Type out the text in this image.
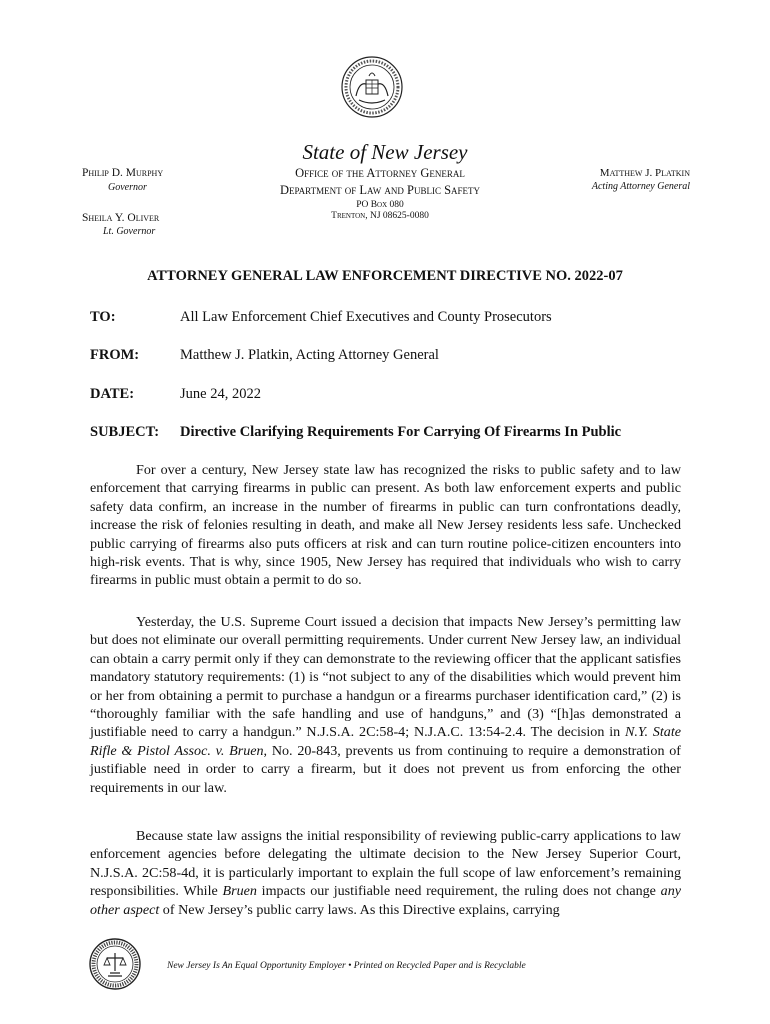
State of New Jersey
Philip D. Murphy
Governor
Sheila Y. Oliver
Lt. Governor
Office of the Attorney General
Department of Law and Public Safety
PO Box 080
Trenton, NJ 08625-0080
Matthew J. Platkin
Acting Attorney General
ATTORNEY GENERAL LAW ENFORCEMENT DIRECTIVE NO. 2022-07
TO:	All Law Enforcement Chief Executives and County Prosecutors
FROM:	Matthew J. Platkin, Acting Attorney General
DATE:	June 24, 2022
SUBJECT: Directive Clarifying Requirements For Carrying Of Firearms In Public

For over a century, New Jersey state law has recognized the risks to public safety and to law enforcement that carrying firearms in public can present. As both law enforcement experts and public safety data confirm, an increase in the number of firearms in public can turn confrontations deadly, increase the risk of felonies resulting in death, and make all New Jersey residents less safe. Unchecked public carrying of firearms also puts officers at risk and can turn routine police-citizen encounters into high-risk events. That is why, since 1905, New Jersey has required that individuals who wish to carry firearms in public must obtain a permit to do so.

Yesterday, the U.S. Supreme Court issued a decision that impacts New Jersey’s permitting law but does not eliminate our overall permitting requirements. Under current New Jersey law, an individual can obtain a carry permit only if they can demonstrate to the reviewing officer that the applicant satisfies mandatory statutory requirements: (1) is “not subject to any of the disabilities which would prevent him or her from obtaining a permit to purchase a handgun or a firearms purchaser identification card,” (2) is “thoroughly familiar with the safe handling and use of handguns,” and (3) “[h]as demonstrated a justifiable need to carry a handgun.” N.J.S.A. 2C:58-4; N.J.A.C. 13:54-2.4. The decision in N.Y. State Rifle & Pistol Assoc. v. Bruen, No. 20-843, prevents us from continuing to require a demonstration of justifiable need in order to carry a firearm, but it does not prevent us from enforcing the other requirements in our law.

Because state law assigns the initial responsibility of reviewing public-carry applications to law enforcement agencies before delegating the ultimate decision to the New Jersey Superior Court, N.J.S.A. 2C:58-4d, it is particularly important to explain the full scope of law enforcement’s remaining responsibilities. While Bruen impacts our justifiable need requirement, the ruling does not change any other aspect of New Jersey’s public carry laws. As this Directive explains, carrying

New Jersey Is An Equal Opportunity Employer • Printed on Recycled Paper and is Recyclable
